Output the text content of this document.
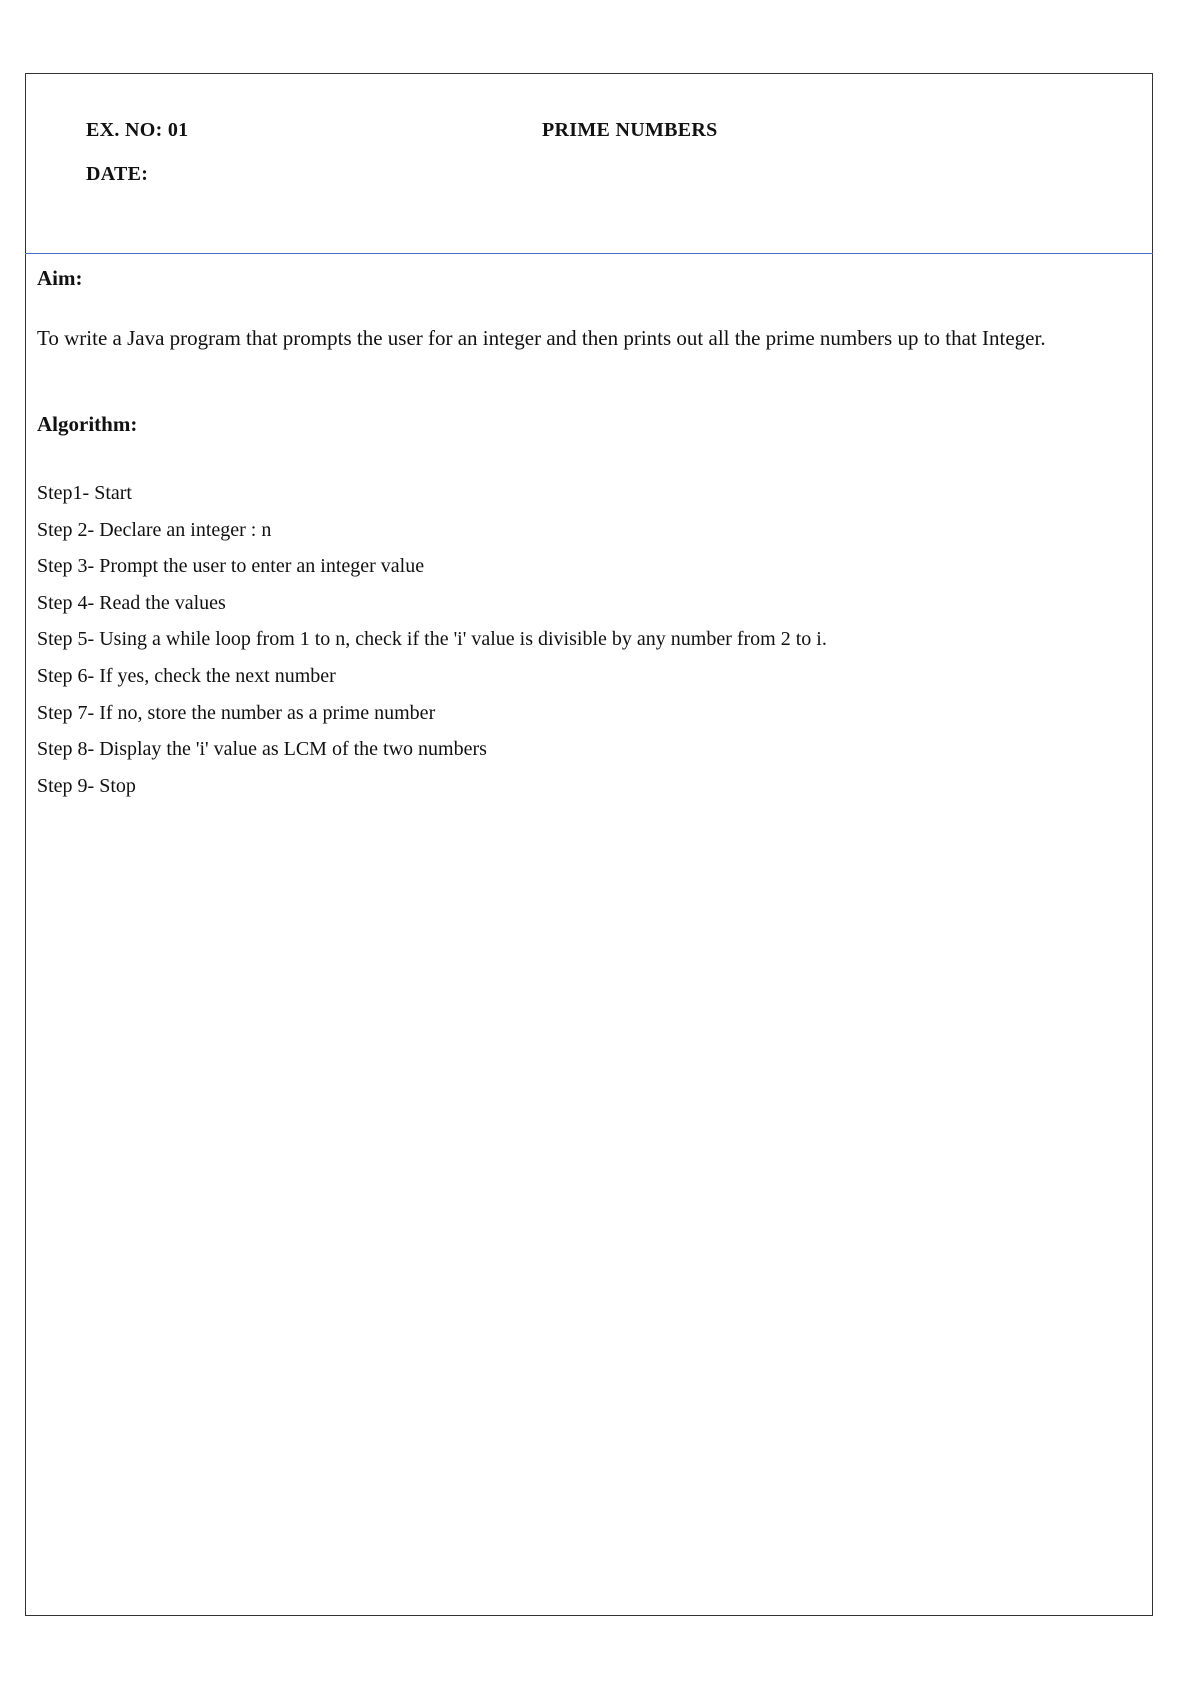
EX. NO: 01
DATE:
PRIME NUMBERS
Aim:

To write a Java program that prompts the user for an integer and then prints out all the prime numbers up to that Integer.

Algorithm:
Step1- Start
Step 2- Declare an integer : n
Step 3- Prompt the user to enter an integer value
Step 4- Read the values
Step 5- Using a while loop from 1 to n, check if the 'i' value is divisible by any number from 2 to i.
Step 6- If yes, check the next number
Step 7- If no, store the number as a prime number
Step 8- Display the 'i' value as LCM of the two numbers
Step 9- Stop
